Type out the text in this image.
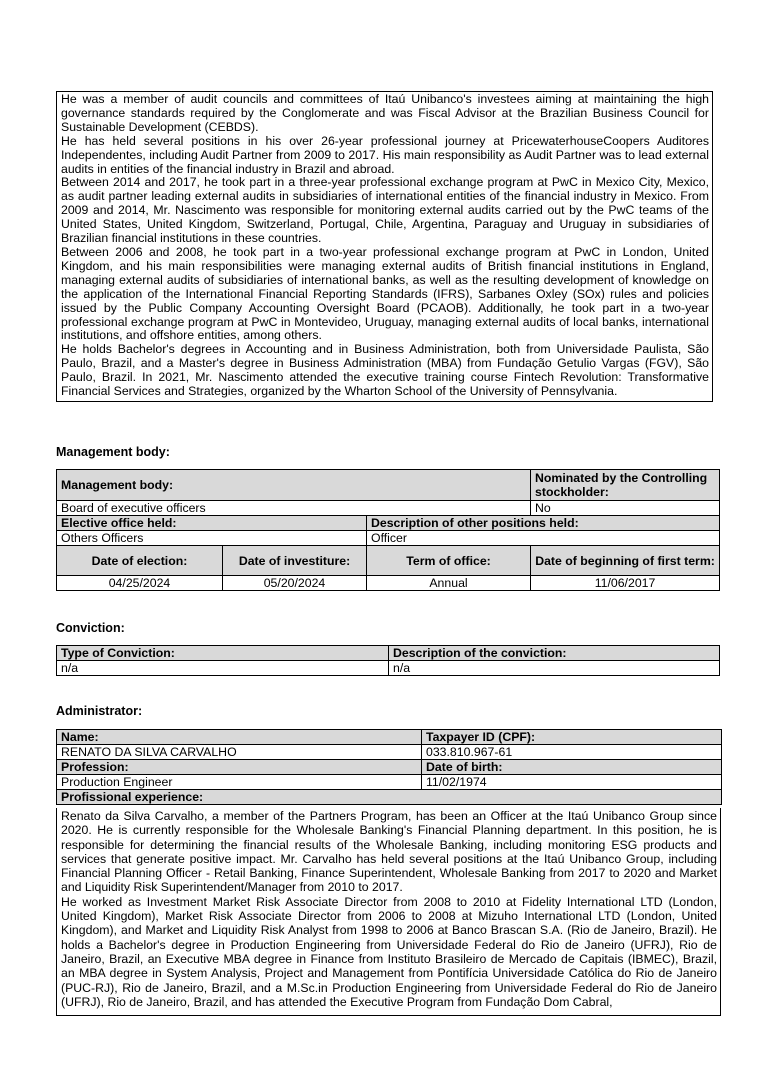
He was a member of audit councils and committees of Itaú Unibanco's investees aiming at maintaining the high governance standards required by the Conglomerate and was Fiscal Advisor at the Brazilian Business Council for Sustainable Development (CEBDS).

He has held several positions in his over 26-year professional journey at PricewaterhouseCoopers Auditores Independentes, including Audit Partner from 2009 to 2017. His main responsibility as Audit Partner was to lead external audits in entities of the financial industry in Brazil and abroad.

Between 2014 and 2017, he took part in a three-year professional exchange program at PwC in Mexico City, Mexico, as audit partner leading external audits in subsidiaries of international entities of the financial industry in Mexico. From 2009 and 2014, Mr. Nascimento was responsible for monitoring external audits carried out by the PwC teams of the United States, United Kingdom, Switzerland, Portugal, Chile, Argentina, Paraguay and Uruguay in subsidiaries of Brazilian financial institutions in these countries.

Between 2006 and 2008, he took part in a two-year professional exchange program at PwC in London, United Kingdom, and his main responsibilities were managing external audits of British financial institutions in England, managing external audits of subsidiaries of international banks, as well as the resulting development of knowledge on the application of the International Financial Reporting Standards (IFRS), Sarbanes Oxley (SOx) rules and policies issued by the Public Company Accounting Oversight Board (PCAOB). Additionally, he took part in a two-year professional exchange program at PwC in Montevideo, Uruguay, managing external audits of local banks, international institutions, and offshore entities, among others.

He holds Bachelor's degrees in Accounting and in Business Administration, both from Universidade Paulista, São Paulo, Brazil, and a Master's degree in Business Administration (MBA) from Fundação Getulio Vargas (FGV), São Paulo, Brazil. In 2021, Mr. Nascimento attended the executive training course Fintech Revolution: Transformative Financial Services and Strategies, organized by the Wharton School of the University of Pennsylvania.

Management body:
Management body:			Nominated by the Controlling stockholder:
Board of executive officers			No
Elective office held:		Description of other positions held:	
Others Officers		Officer	
Date of election:	Date of investiture:	Term of office:	Date of beginning of first term:
04/25/2024	05/20/2024	Annual	11/06/2017
Conviction:
Type of Conviction:	Description of the conviction:
n/a	n/a
Administrator:
Name:	Taxpayer ID (CPF):
RENATO DA SILVA CARVALHO	033.810.967-61
Profession:	Date of birth:
Production Engineer	11/02/1974
Profissional experience:	

Renato da Silva Carvalho, a member of the Partners Program, has been an Officer at the Itaú Unibanco Group since 2020. He is currently responsible for the Wholesale Banking's Financial Planning department. In this position, he is responsible for determining the financial results of the Wholesale Banking, including monitoring ESG products and services that generate positive impact. Mr. Carvalho has held several positions at the Itaú Unibanco Group, including Financial Planning Officer - Retail Banking, Finance Superintendent, Wholesale Banking from 2017 to 2020 and Market and Liquidity Risk Superintendent/Manager from 2010 to 2017.

He worked as Investment Market Risk Associate Director from 2008 to 2010 at Fidelity International LTD (London, United Kingdom), Market Risk Associate Director from 2006 to 2008 at Mizuho International LTD (London, United Kingdom), and Market and Liquidity Risk Analyst from 1998 to 2006 at Banco Brascan S.A. (Rio de Janeiro, Brazil). He holds a Bachelor's degree in Production Engineering from Universidade Federal do Rio de Janeiro (UFRJ), Rio de Janeiro, Brazil, an Executive MBA degree in Finance from Instituto Brasileiro de Mercado de Capitais (IBMEC), Brazil, an MBA degree in System Analysis, Project and Management from Pontifícia Universidade Católica do Rio de Janeiro (PUC-RJ), Rio de Janeiro, Brazil, and a M.Sc.in Production Engineering from Universidade Federal do Rio de Janeiro (UFRJ), Rio de Janeiro, Brazil, and has attended the Executive Program from Fundação Dom Cabral,
